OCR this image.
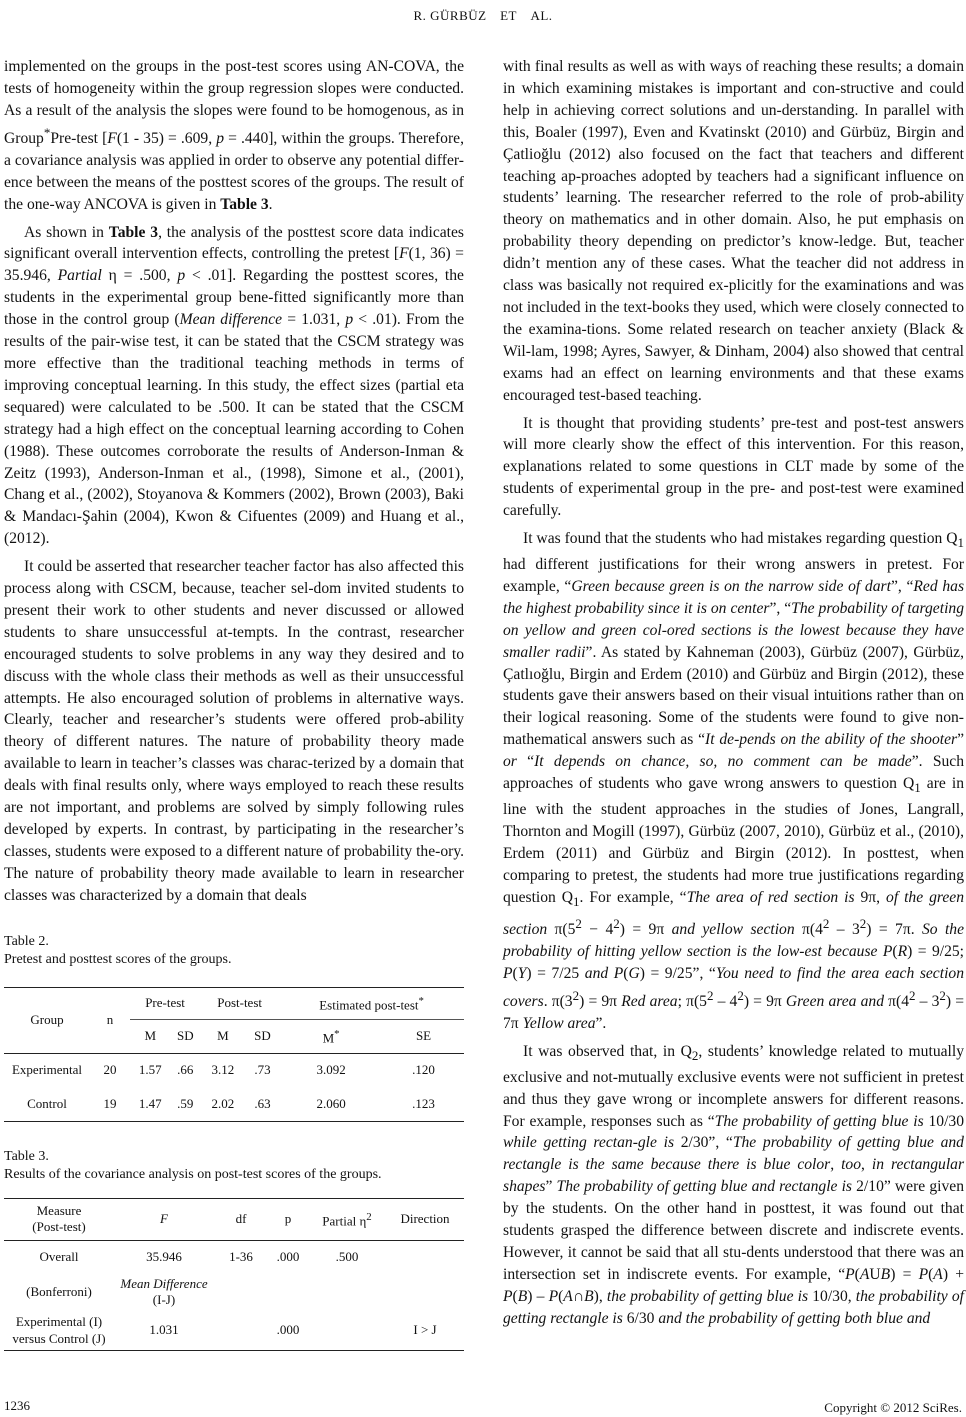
R. GÜRBÜZ ET AL.

implemented on the groups in the post-test scores using AN-COVA, the tests of homogeneity within the group regression slopes were conducted. As a result of the analysis the slopes were found to be homogenous, as in Group*Pre-test [F(1 - 35) = .609, p = .440], within the groups. Therefore, a covariance analysis was applied in order to observe any potential differ-ence between the means of the posttest scores of the groups. The result of the one-way ANCOVA is given in Table 3.

As shown in Table 3, the analysis of the posttest score data indicates significant overall intervention effects, controlling the pretest [F(1, 36) = 35.946, Partial η = .500, p < .01]. Regarding the posttest scores, the students in the experimental group bene-fitted significantly more than those in the control group (Mean difference = 1.031, p < .01). From the results of the pair-wise test, it can be stated that the CSCM strategy was more effective than the traditional teaching methods in terms of improving conceptual learning. In this study, the effect sizes (partial eta sequared) were calculated to be .500. It can be stated that the CSCM strategy had a high effect on the conceptual learning according to Cohen (1988). These outcomes corroborate the results of Anderson-Inman & Zeitz (1993), Anderson-Inman et al., (1998), Simone et al., (2001), Chang et al., (2002), Stoyanova & Kommers (2002), Brown (2003), Baki & Mandacı-Şahin (2004), Kwon & Cifuentes (2009) and Huang et al., (2012).

It could be asserted that researcher teacher factor has also affected this process along with CSCM, because, teacher sel-dom invited students to present their work to other students and never discussed or allowed students to share unsuccessful at-tempts. In the contrast, researcher encouraged students to solve problems in any way they desired and to discuss with the whole class their methods as well as their unsuccessful attempts. He also encouraged solution of problems in alternative ways. Clearly, teacher and researcher’s students were offered prob-ability theory of different natures. The nature of probability theory made available to learn in teacher’s classes was charac-terized by a domain that deals with final results only, where ways employed to reach these results are not important, and problems are solved by simply following rules developed by experts. In contrast, by participating in the researcher’s classes, students were exposed to a different nature of probability the-ory. The nature of probability theory made available to learn in researcher classes was characterized by a domain that deals

Table 2.
Pretest and posttest scores of the groups.
Group	n	Pre-test		Post-test		Estimated post-test*
		M	SD	M	SD	M*	SE
Experimental	20	1.57	.66	3.12	.73	3.092	.120
Control	19	1.47	.59	2.02	.63	2.060	.123
Table 3.
Results of the covariance analysis on post-test scores of the groups.
Measure
(Post-test)	F	df	p	Partial $\eta^2$	Direction
Overall	35.946	1-36	.000	.500	
(Bonferroni)	Mean Difference
(I-J)				

Experimental (I)
versus Control (J)	1.031		.000		I > J

with final results as well as with ways of reaching these results; a domain in which examining mistakes is important and con-structive and could help in achieving correct solutions and un-derstanding. In parallel with this, Boaler (1997), Even and Kvatinskt (2010) and Gürbüz, Birgin and Çatlioğlu (2012) also focused on the fact that teachers and different teaching ap-proaches adopted by teachers had a significant influence on students’ learning. The researcher referred to the role of prob-ability theory on mathematics and in other domain. Also, he put emphasis on probability theory depending on predictor’s know-ledge. But, teacher didn’t mention any of these cases. What the teacher did not address in class was basically not required ex-plicitly for the examinations and was not included in the text-books they used, which were closely connected to the examina-tions. Some related research on teacher anxiety (Black & Wil-lam, 1998; Ayres, Sawyer, & Dinham, 2004) also showed that central exams had an effect on learning environments and that these exams encouraged test-based teaching.

It is thought that providing students’ pre-test and post-test answers will more clearly show the effect of this intervention. For this reason, explanations related to some questions in CLT made by some of the students of experimental group in the pre- and post-test were examined carefully.

It was found that the students who had mistakes regarding question $Q_1$ had different justifications for their wrong answers in pretest. For example, “Green because green is on the narrow side of dart”, “Red has the highest probability since it is on center”, “The probability of targeting on yellow and green col-ored sections is the lowest because they have smaller radii”. As stated by Kahneman (2003), Gürbüz (2007), Gürbüz, Çatlıoğlu, Birgin and Erdem (2010) and Gürbüz and Birgin (2012), these students gave their answers based on their visual intuitions rather than on their logical reasoning. Some of the students were found to give non-mathematical answers such as “It de-pends on the ability of the shooter” or “It depends on chance, so, no comment can be made”. Such approaches of students who gave wrong answers to question $Q_1$ are in line with the student approaches in the studies of Jones, Langrall, Thornton and Mogill (1997), Gürbüz (2007, 2010), Gürbüz et al., (2010), Erdem (2011) and Gürbüz and Birgin (2012). In posttest, when comparing to pretest, the students had more true justifications regarding question $Q_1$. For example, “The area of red section is 9π, of the green section $\pi(5^2 - 4^2) = 9\pi$ and yellow section $\pi(4^2 - 3^2) = 7\pi$. So the probability of hitting yellow section is the low-est because P(R) = 9/25; P(Y) = 7/25 and P(G) = 9/25”, “You need to find the area each section covers. $\pi(3^2) = 9\pi$ Red area; $\pi(5^2 - 4^2) = 9\pi$ Green area and $\pi(4^2 - 3^2) = 7\pi$ Yellow area”.

It was observed that, in $Q_2$, students’ knowledge related to mutually exclusive and not-mutually exclusive events were not sufficient in pretest and thus they gave wrong or incomplete answers for different reasons. For example, responses such as “The probability of getting blue is 10/30 while getting rectan-gle is 2/30”, “The probability of getting blue and rectangle is the same because there is blue color, too, in rectangular shapes” The probability of getting blue and rectangle is 2/10” were given by the students. On the other hand in posttest, it was found out that students grasped the difference between discrete and indiscrete events. However, it cannot be said that all stu-dents understood that there was an intersection set in indiscrete events. For example, “P(AUB) = P(A) + P(B) – P(A∩B), the probability of getting blue is 10/30, the probability of getting rectangle is 6/30 and the probability of getting both blue and

1236	Copyright © 2012 SciRes.
